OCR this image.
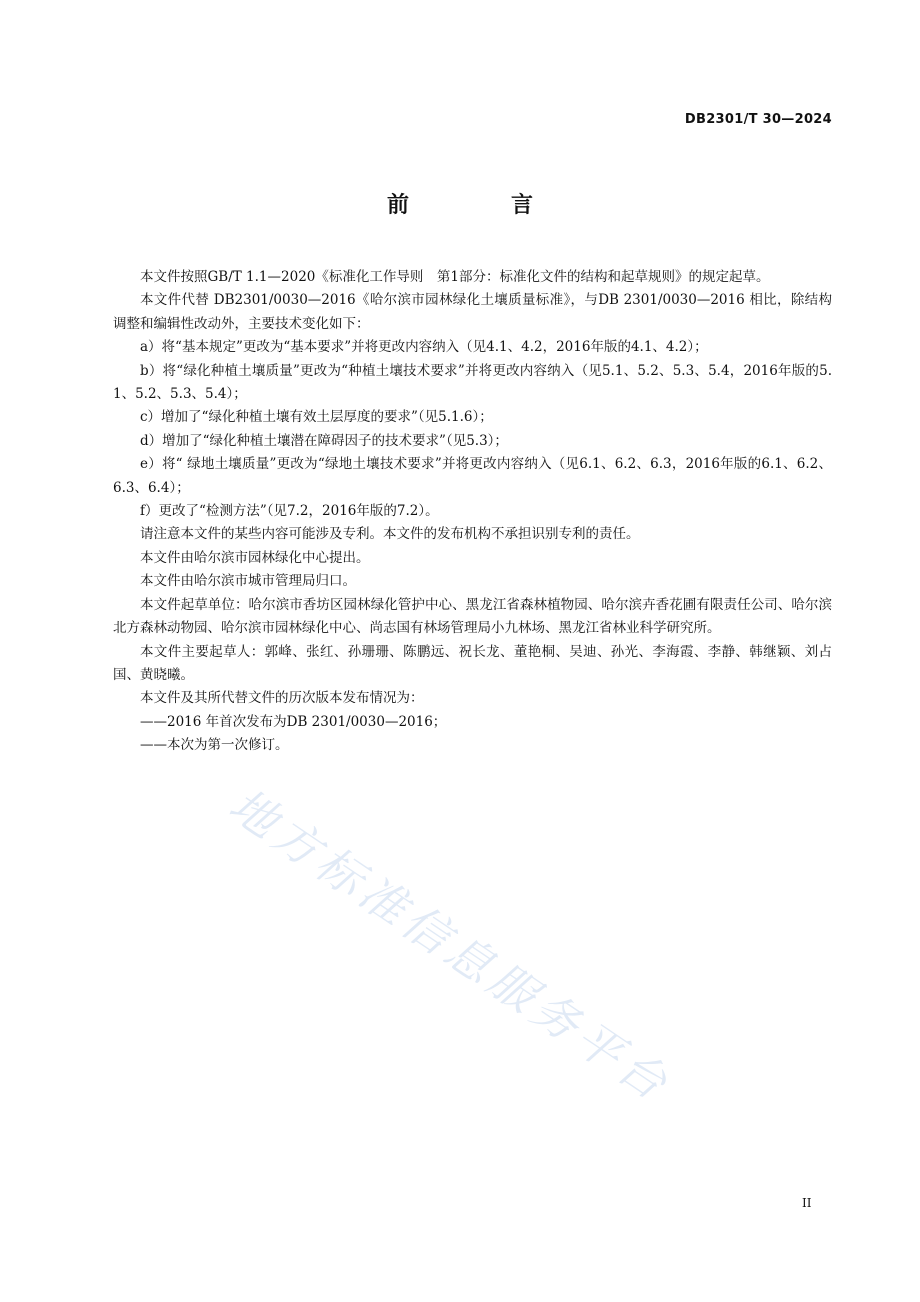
DB2301/T 30—2024
前　言

本文件按照GB/T 1.1—2020《标准化工作导则　第1部分：标准化文件的结构和起草规则》的规定起草。

本文件代替 DB2301/0030—2016《哈尔滨市园林绿化土壤质量标准》，与DB 2301/0030—2016 相比，除结构调整和编辑性改动外，主要技术变化如下：

a）将“基本规定”更改为“基本要求”并将更改内容纳入（见4.1、4.2，2016年版的4.1、4.2）；

b）将“绿化种植土壤质量”更改为“种植土壤技术要求”并将更改内容纳入（见5.1、5.2、5.3、5.4，2016年版的5.1、5.2、5.3、5.4）；

c）增加了“绿化种植土壤有效土层厚度的要求”（见5.1.6）；

d）增加了“绿化种植土壤潜在障碍因子的技术要求”（见5.3）；

e）将“ 绿地土壤质量”更改为“绿地土壤技术要求”并将更改内容纳入（见6.1、6.2、6.3，2016年版的6.1、6.2、6.3、6.4）；

f）更改了“检测方法”（见7.2，2016年版的7.2）。

请注意本文件的某些内容可能涉及专利。本文件的发布机构不承担识别专利的责任。

本文件由哈尔滨市园林绿化中心提出。

本文件由哈尔滨市城市管理局归口。

本文件起草单位：哈尔滨市香坊区园林绿化管护中心、黑龙江省森林植物园、哈尔滨卉香花圃有限责任公司、哈尔滨北方森林动物园、哈尔滨市园林绿化中心、尚志国有林场管理局小九林场、黑龙江省林业科学研究所。

本文件主要起草人：郭峰、张红、孙珊珊、陈鹏远、祝长龙、董艳桐、吴迪、孙光、李海霞、李静、韩继颖、刘占国、黄晓曦。

本文件及其所代替文件的历次版本发布情况为：

——2016 年首次发布为DB 2301/0030—2016；

——本次为第一次修订。

地方标准信息服务平台
II
